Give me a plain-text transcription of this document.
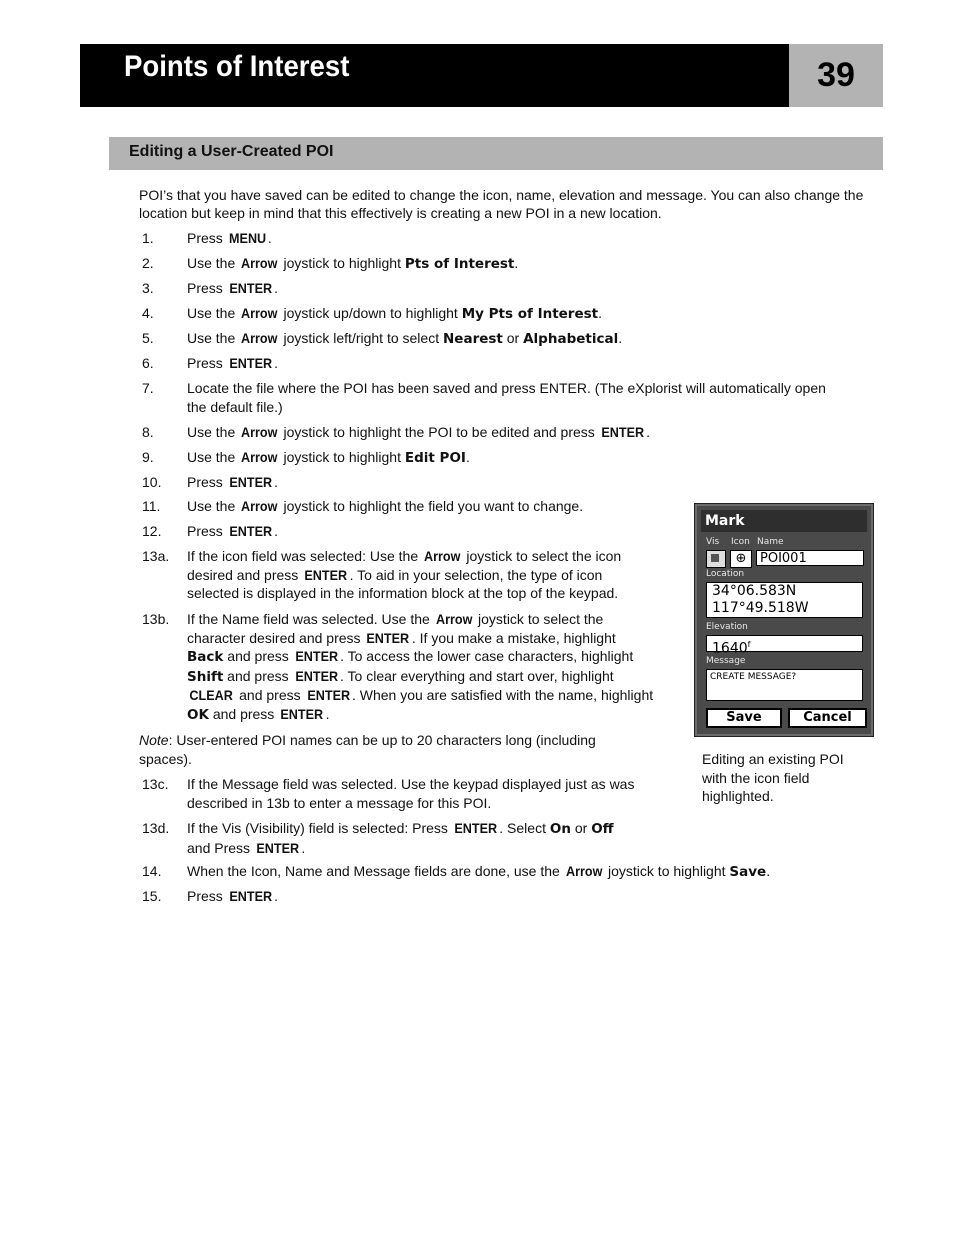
Points of Interest	39
Editing a User-Created POI
POI’s that you have saved can be edited to change the icon, name, elevation and message. You can also change the location but keep in mind that this effectively is creating a new POI in a new location.
1.	Press MENU .
2.	Use the Arrow joystick to highlight Pts of Interest.
3.	Press ENTER .
4.	Use the Arrow joystick up/down to highlight My Pts of Interest.
5.	Use the Arrow joystick left/right to select Nearest or Alphabetical.
6.	Press ENTER .
7.	Locate the file where the POI has been saved and press ENTER. (The eXplorist will automatically open
the default file.)
8.	Use the Arrow joystick to highlight the POI to be edited and press ENTER .
9.	Use the Arrow joystick to highlight Edit POI.
10.	Press ENTER .
11.	Use the Arrow joystick to highlight the field you want to change.
12.	Press ENTER .
13a.	If the icon field was selected: Use the Arrow joystick to select the icon
desired and press ENTER . To aid in your selection, the type of icon
selected is displayed in the information block at the top of the keypad.
13b.	If the Name field was selected. Use the Arrow joystick to select the
character desired and press ENTER . If you make a mistake, highlight
Back and press ENTER . To access the lower case characters, highlight
Shift and press ENTER . To clear everything and start over, highlight
CLEAR and press ENTER . When you are satisfied with the name, highlight
OK and press ENTER .
13c.	If the Message field was selected. Use the keypad displayed just as was
described in 13b to enter a message for this POI.
13d.	If the Vis (Visibility) field is selected: Press ENTER . Select On or Off
and Press ENTER .
14.	When the Icon, Name and Message fields are done, use the Arrow joystick to highlight Save.
15.	Press ENTER .
Note: User-entered POI names can be up to 20 characters long (including
spaces).
Mark
Vis Icon Name
⊕	POI001
Location
34°06.583N
117°49.518W
Elevation
1640$^f$
Message
CREATE MESSAGE?
Save	Cancel
Editing an existing POI with the icon field highlighted.
